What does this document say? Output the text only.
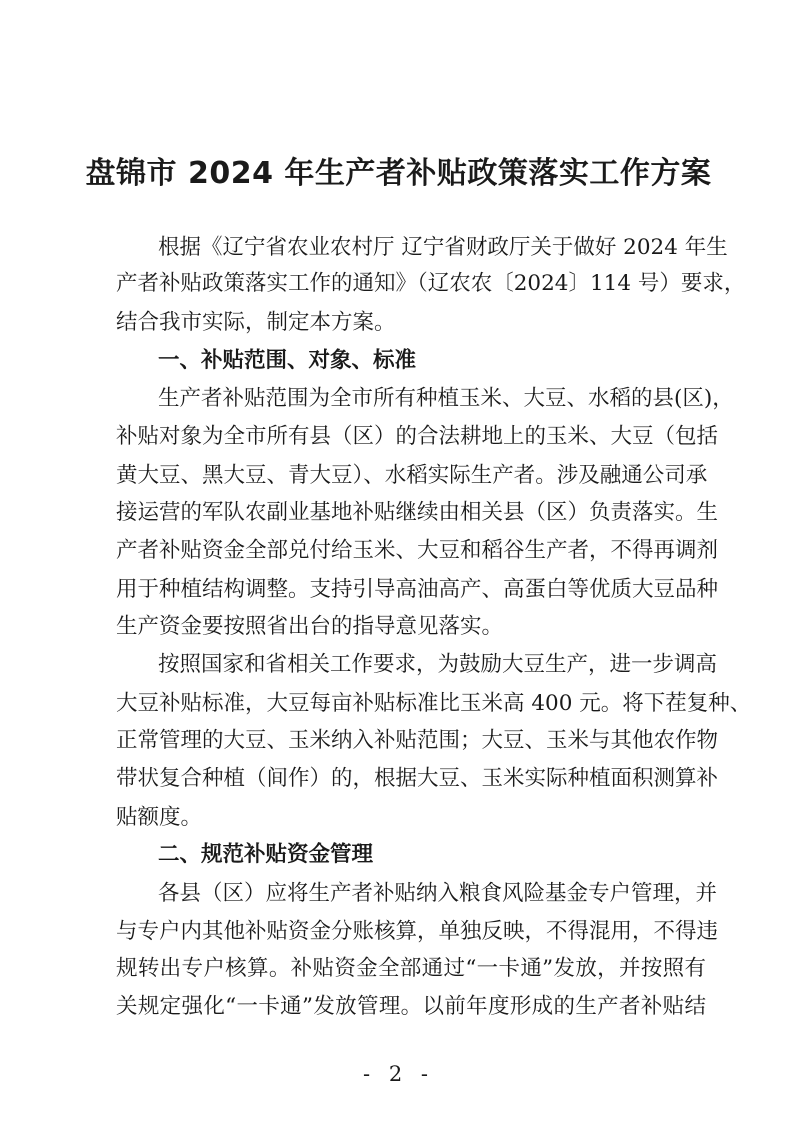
盘锦市 2024 年生产者补贴政策落实工作方案
根据《辽宁省农业农村厅 辽宁省财政厅关于做好 2024 年生
产者补贴政策落实工作的通知》（辽农农〔2024〕114 号）要求，
结合我市实际，制定本方案。
一、补贴范围、对象、标准
生产者补贴范围为全市所有种植玉米、大豆、水稻的县(区)，
补贴对象为全市所有县（区）的合法耕地上的玉米、大豆（包括
黄大豆、黑大豆、青大豆）、水稻实际生产者。涉及融通公司承
接运营的军队农副业基地补贴继续由相关县（区）负责落实。生
产者补贴资金全部兑付给玉米、大豆和稻谷生产者，不得再调剂
用于种植结构调整。支持引导高油高产、高蛋白等优质大豆品种
生产资金要按照省出台的指导意见落实。
按照国家和省相关工作要求，为鼓励大豆生产，进一步调高
大豆补贴标准，大豆每亩补贴标准比玉米高 400 元。将下茬复种、
正常管理的大豆、玉米纳入补贴范围；大豆、玉米与其他农作物
带状复合种植（间作）的，根据大豆、玉米实际种植面积测算补
贴额度。
二、规范补贴资金管理
各县（区）应将生产者补贴纳入粮食风险基金专户管理，并
与专户内其他补贴资金分账核算，单独反映，不得混用，不得违
规转出专户核算。补贴资金全部通过“一卡通”发放，并按照有
关规定强化“一卡通”发放管理。以前年度形成的生产者补贴结
- 2 -
